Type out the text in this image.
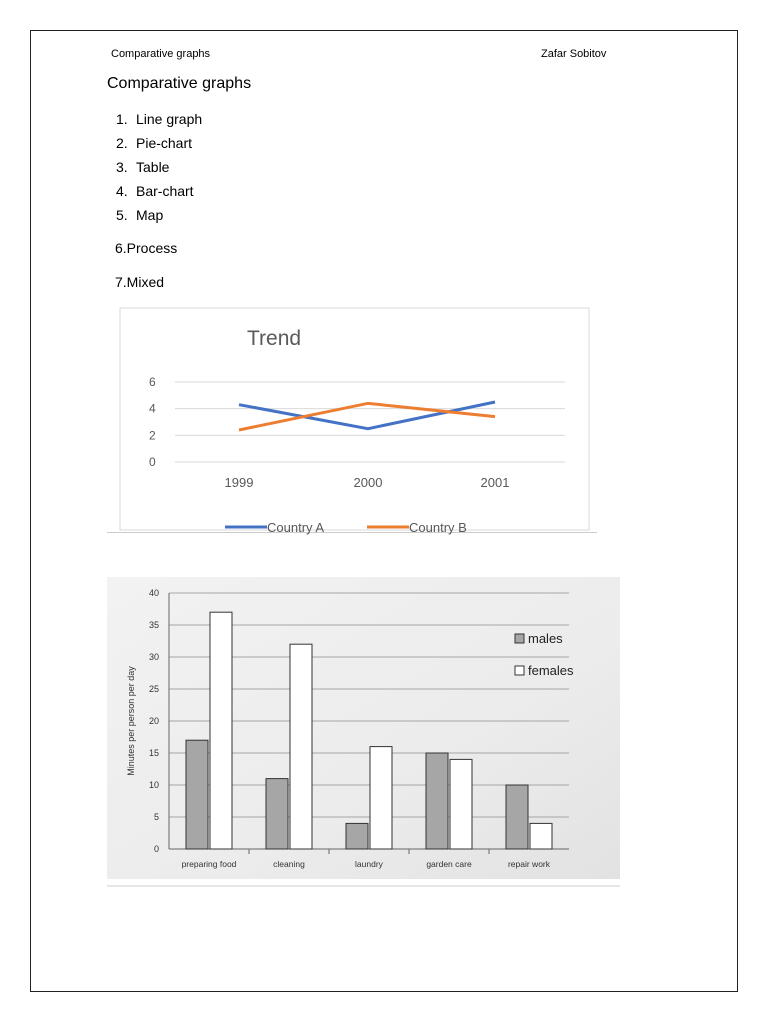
Comparative graphs	Zafar Sobitov
Comparative graphs
1. Line graph
2. Pie-chart
3. Table
4. Bar-chart
5. Map
6.Process
7.Mixed
Trend
0
2
4
6
1999	2000	2001
Country A	Country B
0
5
10
15
20
25
30
35
40
Minutes per person per day
preparing food	cleaning	laundry	garden care	repair work
males
females
